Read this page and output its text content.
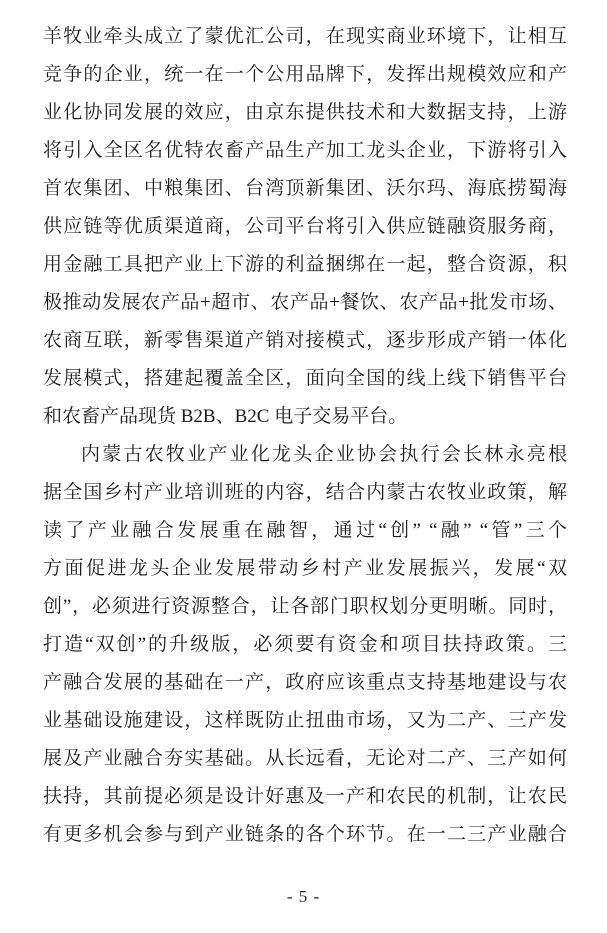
羊牧业牵头成立了蒙优汇公司，在现实商业环境下，让相互
竞争的企业，统一在一个公用品牌下，发挥出规模效应和产
业化协同发展的效应，由京东提供技术和大数据支持，上游
将引入全区名优特农畜产品生产加工龙头企业，下游将引入
首农集团、中粮集团、台湾顶新集团、沃尔玛、海底捞蜀海
供应链等优质渠道商，公司平台将引入供应链融资服务商，
用金融工具把产业上下游的利益捆绑在一起，整合资源，积
极推动发展农产品+超市、农产品+餐饮、农产品+批发市场、
农商互联，新零售渠道产销对接模式，逐步形成产销一体化
发展模式，搭建起覆盖全区，面向全国的线上线下销售平台
和农畜产品现货 B2B、B2C 电子交易平台。
内蒙古农牧业产业化龙头企业协会执行会长林永亮根
据全国乡村产业培训班的内容，结合内蒙古农牧业政策，解
读了产业融合发展重在融智，通过“创” “融” “管”三个
方面促进龙头企业发展带动乡村产业发展振兴，发展“双
创”，必须进行资源整合，让各部门职权划分更明晰。同时，
打造“双创”的升级版，必须要有资金和项目扶持政策。三
产融合发展的基础在一产，政府应该重点支持基地建设与农
业基础设施建设，这样既防止扭曲市场，又为二产、三产发
展及产业融合夯实基础。从长远看，无论对二产、三产如何
扶持，其前提必须是设计好惠及一产和农民的机制，让农民
有更多机会参与到产业链条的各个环节。在一二三产业融合
- 5 -
